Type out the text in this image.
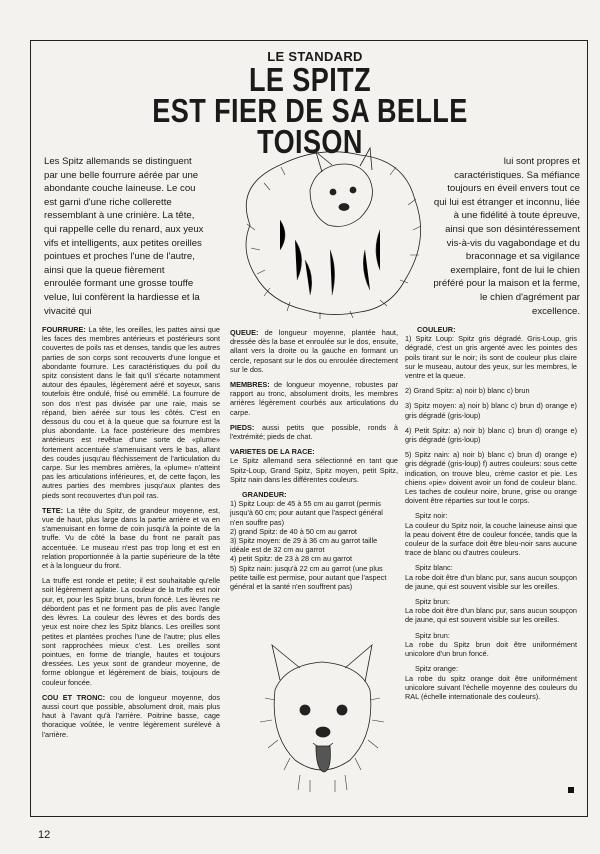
LE STANDARD
LE SPITZ
EST FIER DE SA BELLE TOISON

Les Spitz allemands se distinguent par une belle fourrure aérée par une abondante couche laineuse. Le cou est garni d'une riche collerette ressemblant à une crinière. La tête, qui rappelle celle du renard, aux yeux vifs et intelligents, aux petites oreilles pointues et proches l'une de l'autre, ainsi que la queue fièrement enroulée formant une grosse touffe velue, lui confèrent la hardiesse et la vivacité qui

lui sont propres et caractéristiques. Sa méfiance toujours en éveil envers tout ce qui lui est étranger et inconnu, liée à une fidélité à toute épreuve, ainsi que son désintéressement vis-à-vis du vagabondage et du braconnage et sa vigilance exemplaire, font de lui le chien préféré pour la maison et la ferme, le chien d'agrément par excellence.

FOURRURE: La tête, les oreilles, les pattes ainsi que les faces des membres antérieurs et postérieurs sont couvertes de poils ras et denses, tandis que les autres parties de son corps sont recouverts d'une longue et abondante fourrure. Les caractéristiques du poil du spitz consistent dans le fait qu'il s'écarte notamment autour des épaules, légèrement aéré et soyeux, sans toutefois être ondulé, frisé ou emmêlé. La fourrure de son dos n'est pas divisée par une raie, mais se répand, bien aérée sur tous les côtés. C'est en dessous du cou et à la queue que sa fourrure est la plus abondante. La face postérieure des membres antérieurs est revêtue d'une sorte de «plume» fortement accentuée s'amenuisant vers le bas, allant des coudes jusqu'au fléchissement de l'articulation du carpe. Sur les membres arrières, la «plume» n'atteint pas les articulations inférieures, et, de cette façon, les autres parties des membres jusqu'aux plantes des pieds sont recouvertes d'un poil ras.

TETE: La tête du Spitz, de grandeur moyenne, est, vue de haut, plus large dans la partie arrière et va en s'amenuisant en forme de coin jusqu'à la pointe de la truffe. Vu de côté la base du front ne paraît pas accentuée. Le museau n'est pas trop long et est en relation proportionnée à la partie supérieure de la tête et à la longueur du front.

La truffe est ronde et petite; il est souhaitable qu'elle soit légèrement aplatie. La couleur de la truffe est noir pur, et, pour les Spitz bruns, brun foncé. Les lèvres ne débordent pas et ne forment pas de plis avec l'angle des lèvres. La couleur des lèvres et des bords des yeux est noire chez les Spitz blancs. Les oreilles sont petites et plantées proches l'une de l'autre; plus elles sont rapprochées mieux c'est. Les oreilles sont pointues, en forme de triangle, hautes et toujours dressées. Les yeux sont de grandeur moyenne, de forme oblongue et légèrement de biais, toujours de couleur foncée.

COU ET TRONC: cou de longueur moyenne, dos aussi court que possible, absolument droit, mais plus haut à l'avant qu'à l'arrière. Poitrine basse, cage thoracique voûtée, le ventre légèrement surélevé à l'arrière.

QUEUE: de longueur moyenne, plantée haut, dressée dès la base et enroulée sur le dos, ensuite, allant vers la droite ou la gauche en formant un cercle, reposant sur le dos ou enroulée directement sur le dos.

MEMBRES: de longueur moyenne, robustes par rapport au tronc, absolument droits, les membres arrières légèrement courbés aux articulations du carpe.

PIEDS: aussi petits que possible, ronds à l'extrémité; pieds de chat.

VARIETES DE LA RACE:
Le Spitz allemand sera sélectionné en tant que Spitz-Loup, Grand Spitz, Spitz moyen, petit Spitz, Spitz nain dans les différentes couleurs.

GRANDEUR:
1) Spitz Loup: de 45 à 55 cm au garrot (permis jusqu'à 60 cm; pour autant que l'aspect général n'en souffre pas)
2) grand Spitz: de 40 à 50 cm au garrot
3) Spitz moyen: de 29 à 36 cm au garrot taille idéale est de 32 cm au garrot
4) petit Spitz: de 23 à 28 cm au garrot
5) Spitz nain: jusqu'à 22 cm au garrot (une plus petite taille est permise, pour autant que l'aspect général et la santé n'en souffrent pas)

COULEUR:
1) Spitz Loup: Spitz gris dégradé. Gris-Loup, gris dégradé, c'est un gris argenté avec les pointes des poils tirant sur le noir; ils sont de couleur plus claire sur le museau, autour des yeux, sur les membres, le ventre et la queue.

2) Grand Spitz: a) noir b) blanc c) brun

3) Spitz moyen: a) noir b) blanc c) brun d) orange e) gris dégradé (gris-loup)

4) Petit Spitz: a) noir b) blanc c) brun d) orange e) gris dégradé (gris-loup)

5) Spitz nain: a) noir b) blanc c) brun d) orange e) gris dégradé (gris-loup) f) autres couleurs: sous cette indication, on trouve bleu, crème castor et pie. Les chiens «pie» doivent avoir un fond de couleur blanc. Les taches de couleur noire, brune, grise ou orange doivent être réparties sur tout le corps.

Spitz noir:
La couleur du Spitz noir, la couche laineuse ainsi que la peau doivent être de couleur foncée, tandis que la couleur de la surface doit être bleu-noir sans aucune trace de blanc ou d'autres couleurs.

Spitz blanc:
La robe doit être d'un blanc pur, sans aucun soupçon de jaune, qui est souvent visible sur les oreilles.

Spitz brun:
La robe doit être d'un blanc pur, sans aucun soupçon de jaune, qui est souvent visible sur les oreilles.

Spitz brun:
La robe du Spitz brun doit être uniformément unicolore d'un brun foncé.

Spitz orange:
La robe du spitz orange doit être uniformément unicolore suivant l'échelle moyenne des couleurs du RAL (échelle internationale des couleurs).

12
